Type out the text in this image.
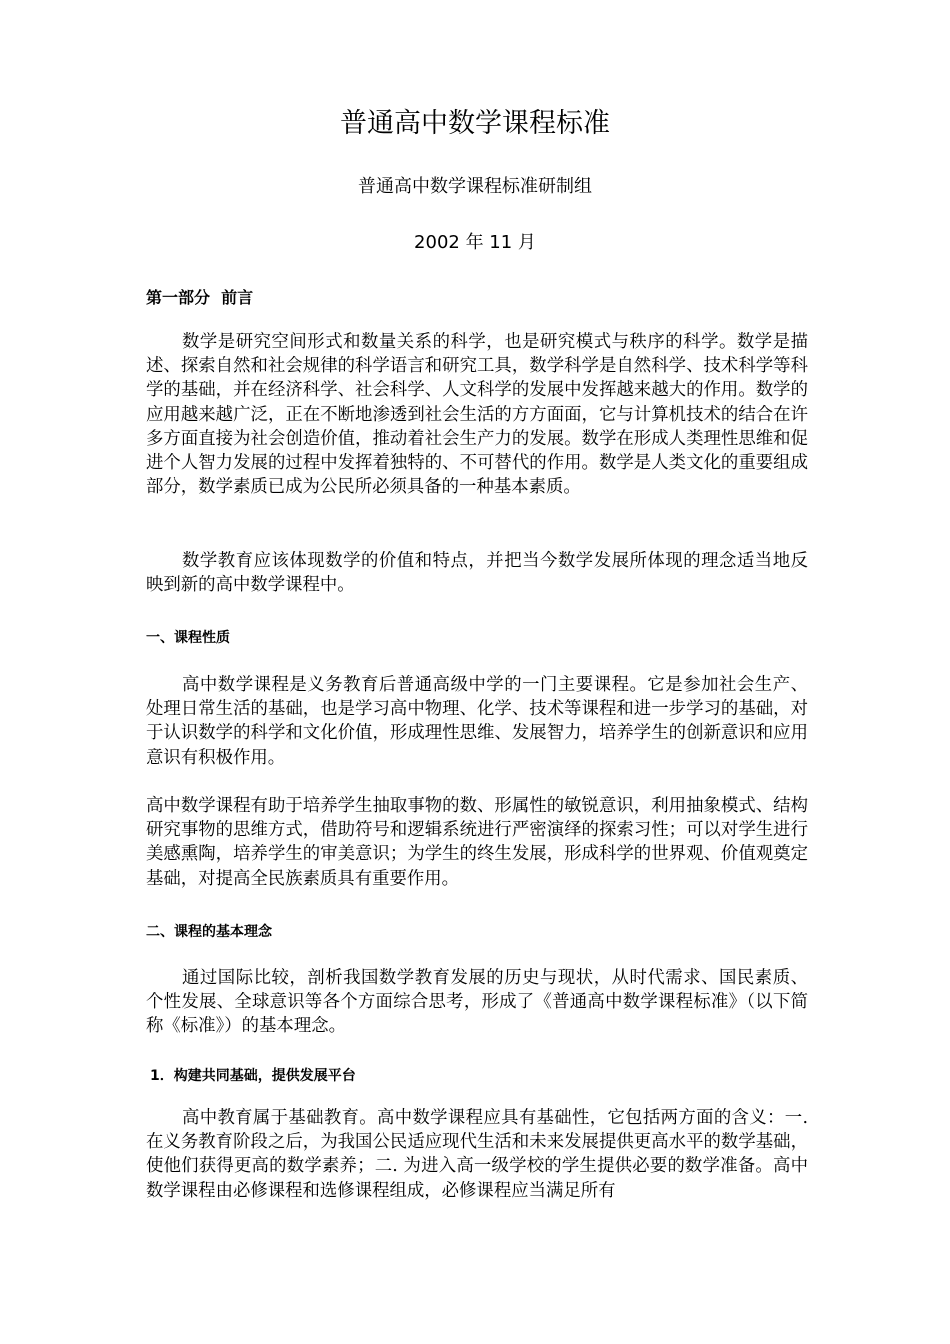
普通高中数学课程标准
普通高中数学课程标准研制组
2002 年 11 月
第一部分  前言

数学是研究空间形式和数量关系的科学，也是研究模式与秩序的科学。数学是描述、探索自然和社会规律的科学语言和研究工具，数学科学是自然科学、技术科学等科学的基础，并在经济科学、社会科学、人文科学的发展中发挥越来越大的作用。数学的应用越来越广泛，正在不断地渗透到社会生活的方方面面，它与计算机技术的结合在许多方面直接为社会创造价值，推动着社会生产力的发展。数学在形成人类理性思维和促进个人智力发展的过程中发挥着独特的、不可替代的作用。数学是人类文化的重要组成部分，数学素质已成为公民所必须具备的一种基本素质。

数学教育应该体现数学的价值和特点，并把当今数学发展所体现的理念适当地反映到新的高中数学课程中。

一、课程性质

高中数学课程是义务教育后普通高级中学的一门主要课程。它是参加社会生产、处理日常生活的基础，也是学习高中物理、化学、技术等课程和进一步学习的基础，对于认识数学的科学和文化价值，形成理性思维、发展智力，培养学生的创新意识和应用意识有积极作用。

高中数学课程有助于培养学生抽取事物的数、形属性的敏锐意识，利用抽象模式、结构研究事物的思维方式，借助符号和逻辑系统进行严密演绎的探索习性；可以对学生进行美感熏陶，培养学生的审美意识；为学生的终生发展，形成科学的世界观、价值观奠定基础，对提高全民族素质具有重要作用。

二、课程的基本理念

通过国际比较，剖析我国数学教育发展的历史与现状，从时代需求、国民素质、个性发展、全球意识等各个方面综合思考，形成了《普通高中数学课程标准》（以下简称《标准》）的基本理念。

1．构建共同基础，提供发展平台

高中教育属于基础教育。高中数学课程应具有基础性，它包括两方面的含义：一. 在义务教育阶段之后，为我国公民适应现代生活和未来发展提供更高水平的数学基础，使他们获得更高的数学素养；二. 为进入高一级学校的学生提供必要的数学准备。高中数学课程由必修课程和选修课程组成，必修课程应当满足所有
